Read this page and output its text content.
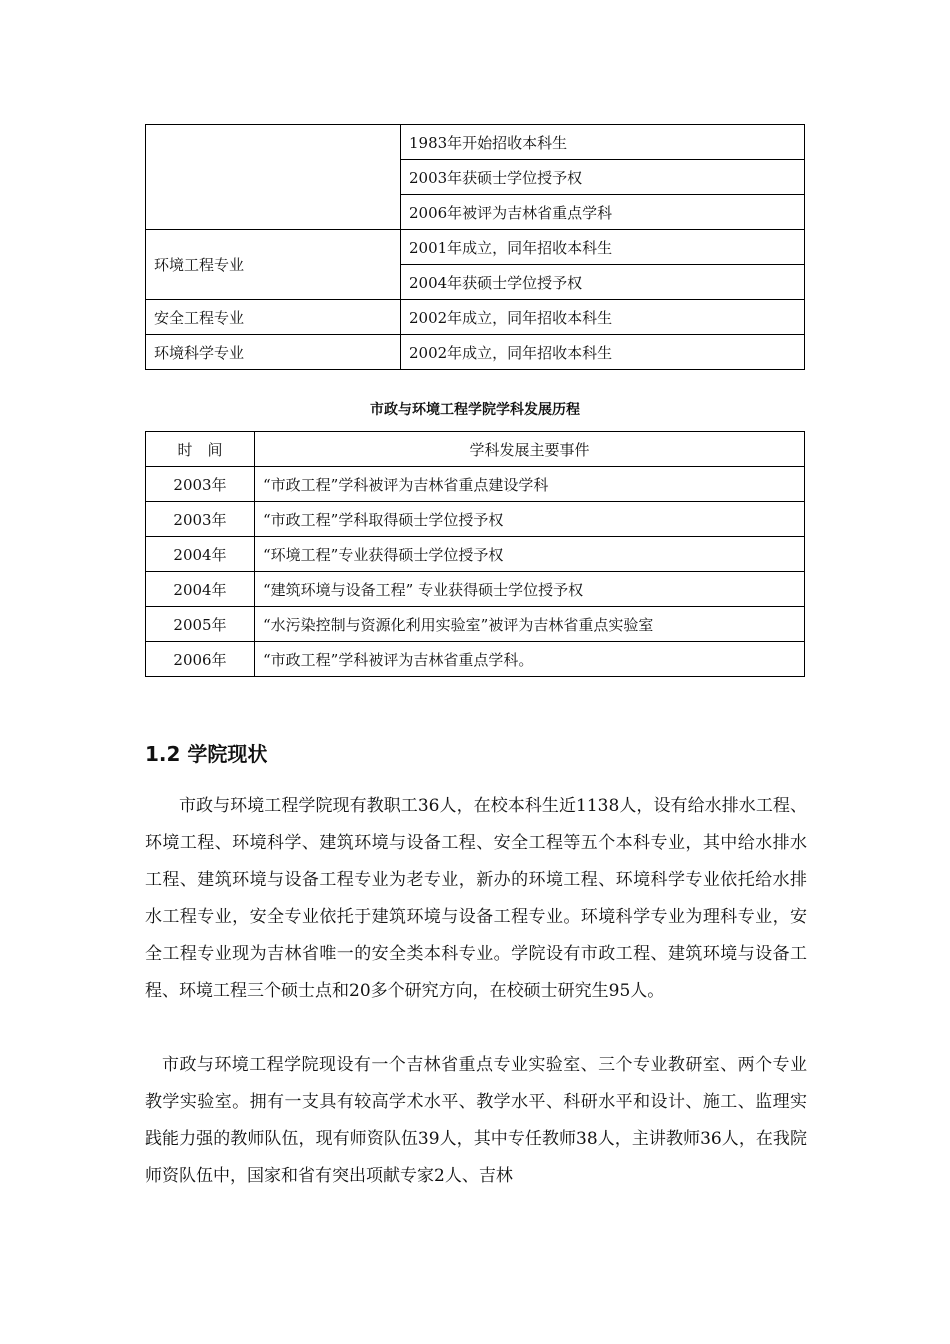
	1983年开始招收本科生
	2003年获硕士学位授予权
	2006年被评为吉林省重点学科
环境工程专业	2001年成立，同年招收本科生
	2004年获硕士学位授予权
安全工程专业	2002年成立，同年招收本科生
环境科学专业	2002年成立，同年招收本科生
市政与环境工程学院学科发展历程
时　间	学科发展主要事件
2003年	“市政工程”学科被评为吉林省重点建设学科
2003年	“市政工程”学科取得硕士学位授予权
2004年	“环境工程”专业获得硕士学位授予权
2004年	“建筑环境与设备工程” 专业获得硕士学位授予权
2005年	“水污染控制与资源化利用实验室”被评为吉林省重点实验室
2006年	“市政工程”学科被评为吉林省重点学科。
1.2 学院现状

市政与环境工程学院现有教职工36人，在校本科生近1138人，设有给水排水工程、环境工程、环境科学、建筑环境与设备工程、安全工程等五个本科专业，其中给水排水工程、建筑环境与设备工程专业为老专业，新办的环境工程、环境科学专业依托给水排水工程专业，安全专业依托于建筑环境与设备工程专业。环境科学专业为理科专业，安全工程专业现为吉林省唯一的安全类本科专业。学院设有市政工程、建筑环境与设备工程、环境工程三个硕士点和20多个研究方向，在校硕士研究生95人。

市政与环境工程学院现设有一个吉林省重点专业实验室、三个专业教研室、两个专业教学实验室。拥有一支具有较高学术水平、教学水平、科研水平和设计、施工、监理实践能力强的教师队伍，现有师资队伍39人，其中专任教师38人，主讲教师36人，在我院师资队伍中，国家和省有突出项献专家2人、吉林
